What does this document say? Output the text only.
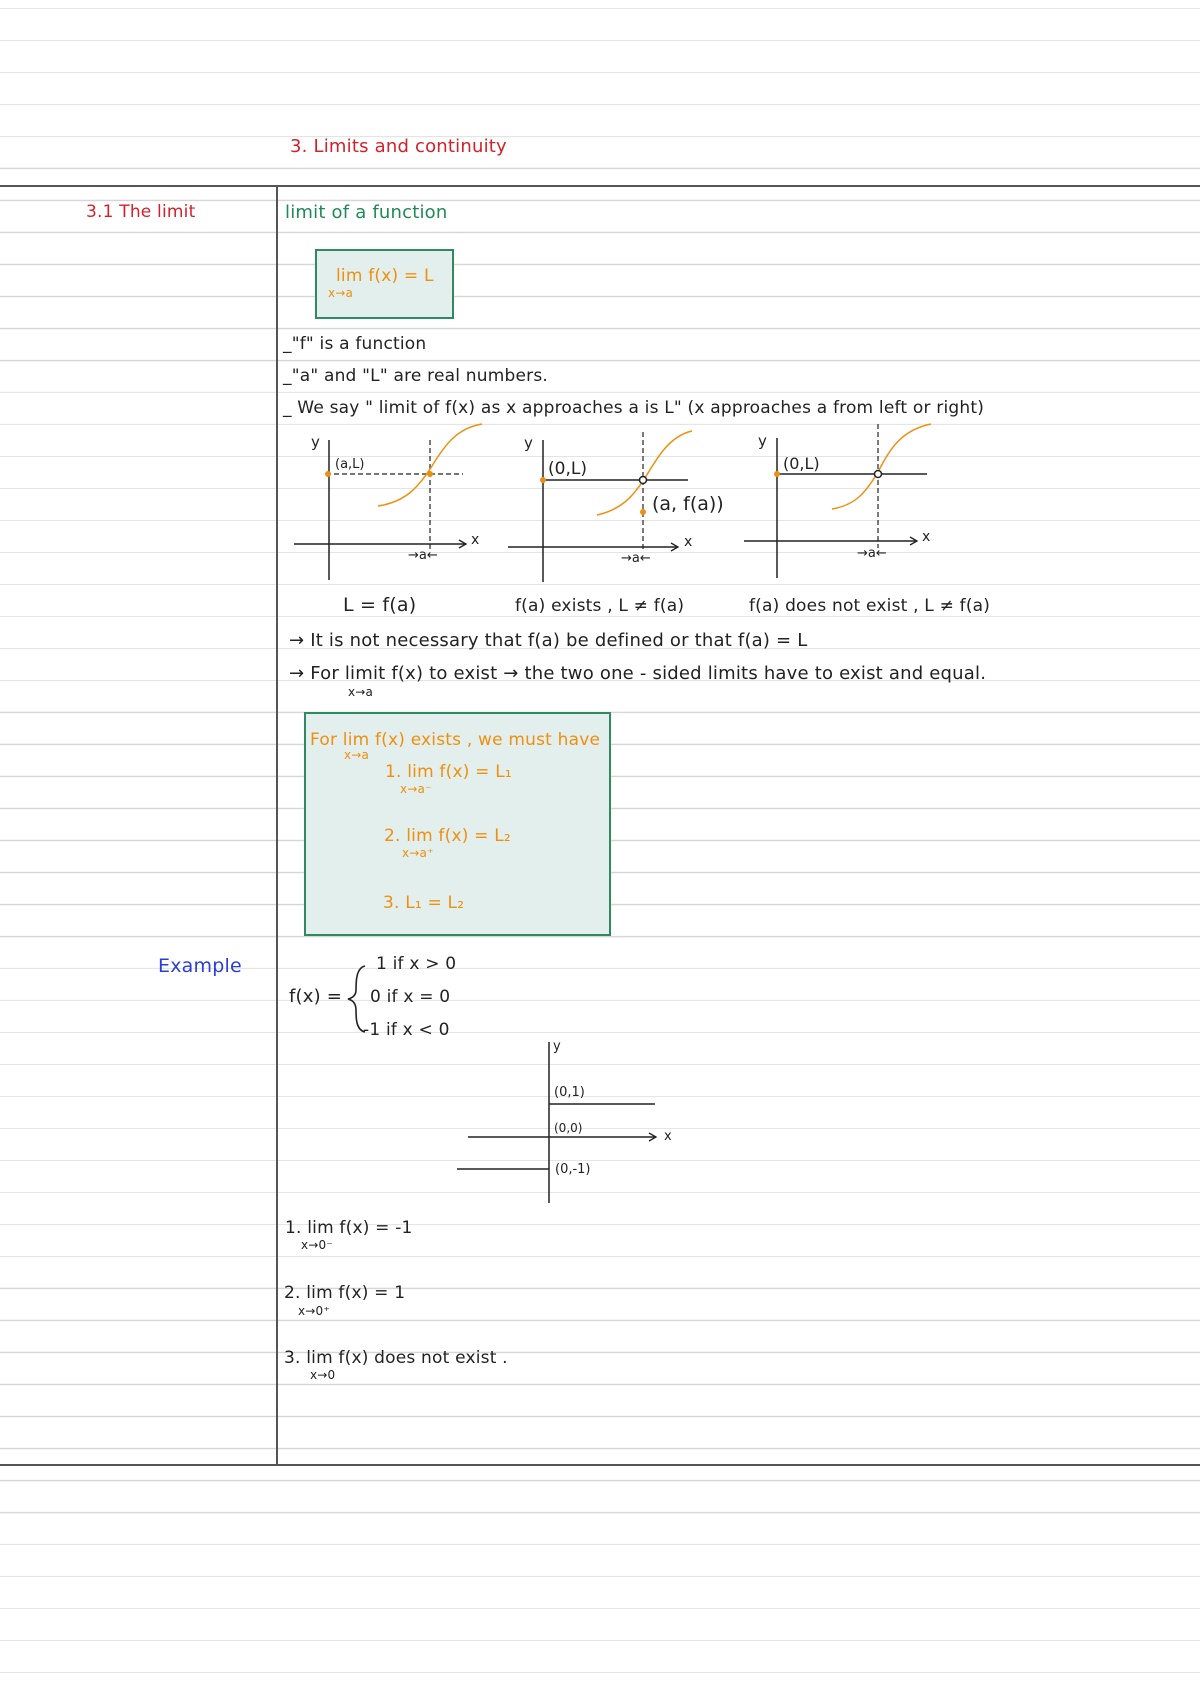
3. Limits and continuity
3.1 The limit
Example
limit of a function
lim f(x) = L
x→a
_"f" is a function
_"a" and "L" are real numbers.
_ We say " limit of f(x) as x approaches a is L" (x approaches a from left or right)
y
x
(a,L)
→a←
y
x
(0,L)
(a, f(a))
→a←
y
x
(0,L)
→a←
y
x
(0,1)
(0,0)
(0,-1)
L = f(a)	f(a) exists , L ≠ f(a)	f(a) does not exist , L ≠ f(a)
→ It is not necessary that f(a) be defined or that f(a) = L
→ For limit f(x) to exist → the two one - sided limits have to exist and equal.
x→a
For lim f(x) exists , we must have
x→a
1. lim f(x) = L₁
x→a⁻
2. lim f(x) = L₂
x→a⁺
3. L₁ = L₂
f(x) =
1 if x > 0
0 if x = 0
-1 if x < 0
1. lim f(x) = -1
x→0⁻
2. lim f(x) = 1
x→0⁺
3. lim f(x) does not exist .
x→0
